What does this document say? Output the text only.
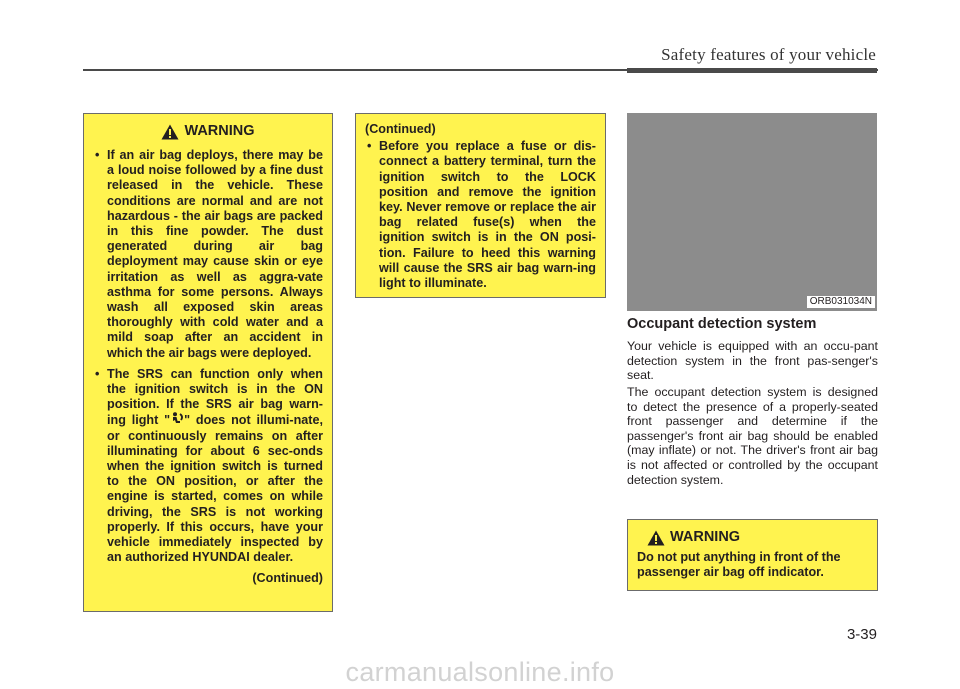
Safety features of your vehicle
WARNING
• If an air bag deploys, there may be a loud noise followed by a fine dust released in the vehicle. These conditions are normal and are not hazardous - the air bags are packed in this fine powder. The dust generated during air bag deployment may cause skin or eye irritation as well as aggra-vate asthma for some persons. Always wash all exposed skin areas thoroughly with cold water and a mild soap after an accident in which the air bags were deployed.
• The SRS can function only when the ignition switch is in the ON position. If the SRS air bag warn-ing light " " does not illumi-nate, or continuously remains on after illuminating for about 6 sec-onds when the ignition switch is turned to the ON position, or after the engine is started, comes on while driving, the SRS is not working properly. If this occurs, have your vehicle immediately inspected by an authorized HYUNDAI dealer.
(Continued)
(Continued)
• Before you replace a fuse or dis-connect a battery terminal, turn the ignition switch to the LOCK position and remove the ignition key. Never remove or replace the air bag related fuse(s) when the ignition switch is in the ON posi-tion. Failure to heed this warning will cause the SRS air bag warn-ing light to illuminate.
ORB031034N
Occupant detection system

Your vehicle is equipped with an occu-pant detection system in the front pas-senger's seat.

The occupant detection system is designed to detect the presence of a properly-seated front passenger and determine if the passenger's front air bag should be enabled (may inflate) or not. The driver's front air bag is not affected or controlled by the occupant detection system.

WARNING
Do not put anything in front of the passenger air bag off indicator.
3-39
carmanualsonline.info
